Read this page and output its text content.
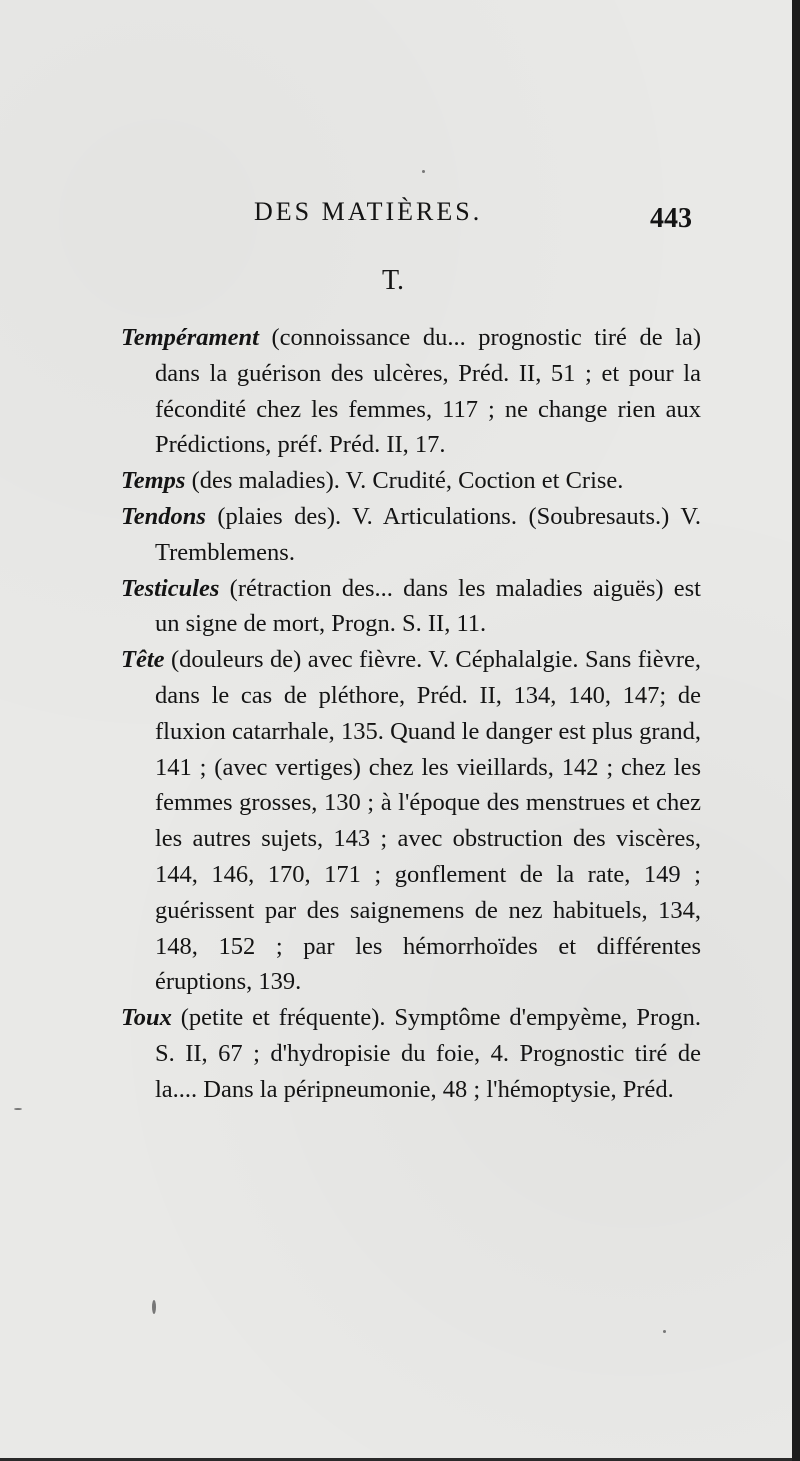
DES MATIÈRES.	443
T.

Tempérament (connoissance du... prognostic tiré de la) dans la guérison des ulcères, Préd. II, 51 ; et pour la fécondité chez les femmes, 117 ; ne change rien aux Prédictions, préf. Préd. II, 17.

Temps (des maladies). V. Crudité, Coction et Crise.

Tendons (plaies des). V. Articulations. (Soubresauts.) V. Tremblemens.

Testicules (rétraction des... dans les maladies aiguës) est un signe de mort, Progn. S. II, 11.

Tête (douleurs de) avec fièvre. V. Céphalalgie. Sans fièvre, dans le cas de pléthore, Préd. II, 134, 140, 147; de fluxion catarrhale, 135. Quand le danger est plus grand, 141 ; (avec vertiges) chez les vieillards, 142 ; chez les femmes grosses, 130 ; à l'époque des menstrues et chez les autres sujets, 143 ; avec obstruction des viscères, 144, 146, 170, 171 ; gonflement de la rate, 149 ; guérissent par des saignemens de nez habituels, 134, 148, 152 ; par les hémorrhoïdes et différentes éruptions, 139.

Toux (petite et fréquente). Symptôme d'empyème, Progn. S. II, 67 ; d'hydropisie du foie, 4. Prognostic tiré de la.... Dans la péripneumonie, 48 ; l'hémoptysie, Préd.
